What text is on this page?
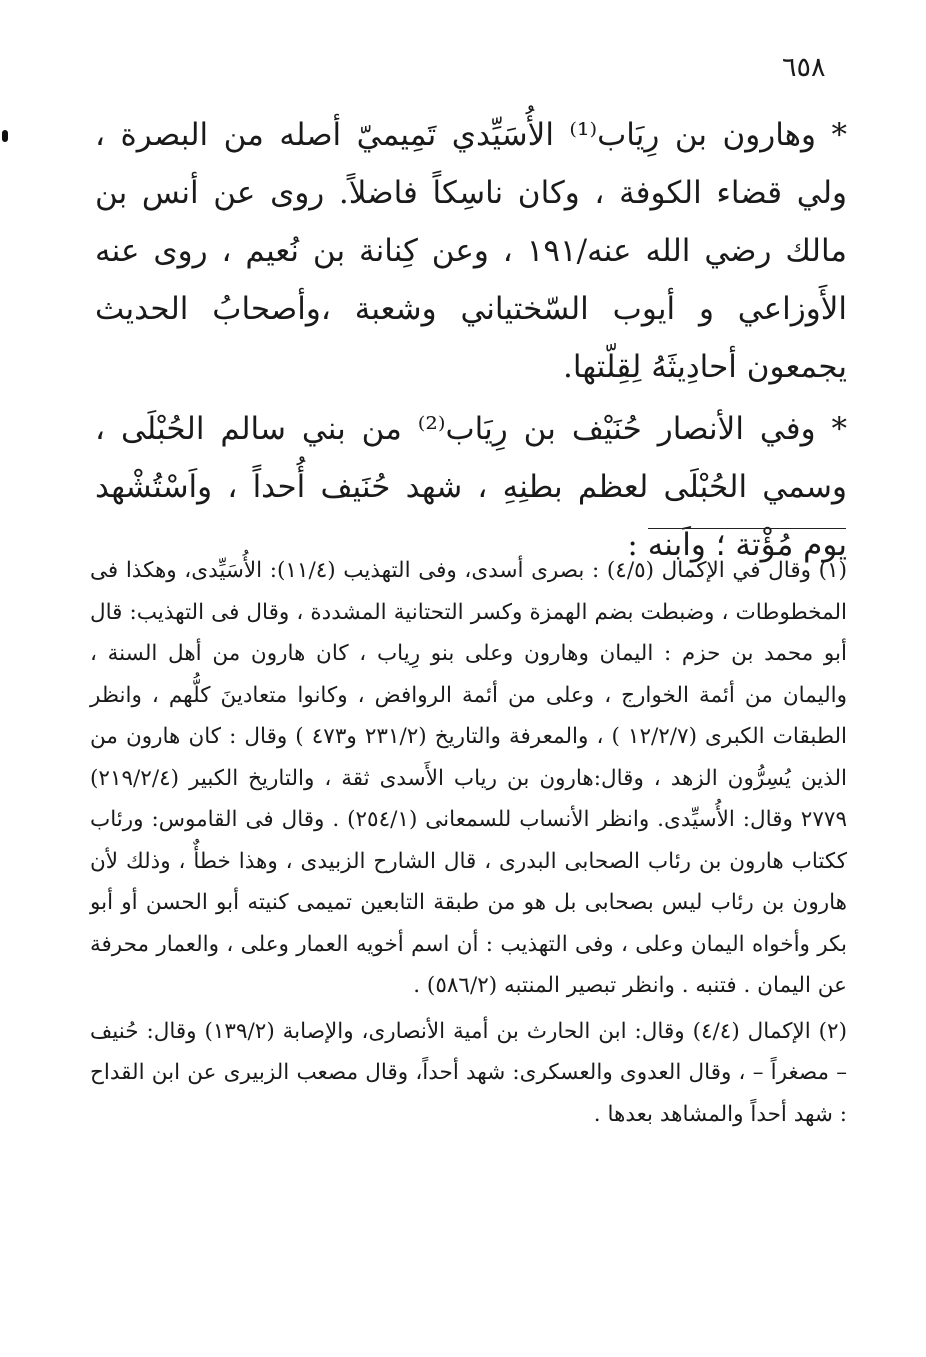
٦٥٨

* وهارون بن رِيَاب⁽¹⁾ الأُسَيِّدي تَمِيميّ أصله من البصرة ، ولي قضاء الكوفة ، وكان ناسِكاً فاضلاً. روى عن أنس بن مالك رضي الله عنه/١٩١ ، وعن كِنانة بن نُعيم ، روى عنه الأَوزاعي و أيوب السّختياني وشعبة ،وأصحابُ الحديث يجمعون أحادِيثَهُ لِقِلّتها.

* وفي الأنصار حُنَيْف بن رِيَاب⁽²⁾ من بني سالم الحُبْلَى ، وسمي الحُبْلَى لعظم بطنِهِ ، شهد حُنَيف أُحداً ، واَسْتُشْهد يوم مُؤْتة ؛ واَبنه :

(١) وقال في الإكمال (٤/٥) : بصرى أسدى، وفى التهذيب (١١/٤): الأُسَيِّدى، وهكذا فى المخطوطات ، وضبطت بضم الهمزة وكسر التحتانية المشددة ، وقال فى التهذيب: قال أبو محمد بن حزم : اليمان وهارون وعلى بنو رِياب ، كان هارون من أهل السنة ، واليمان من أئمة الخوارج ، وعلى من أئمة الروافض ، وكانوا متعادينَ كلُّهم ، وانظر الطبقات الكبرى (١٢/٢/٧ ) ، والمعرفة والتاريخ (٢٣١/٢ و٤٧٣ ) وقال : كان هارون من الذين يُسِرُّون الزهد ، وقال:هارون بن رياب الأَسدى ثقة ، والتاريخ الكبير (٢١٩/٢/٤) ٢٧٧٩ وقال: الأُسيِّدى. وانظر الأنساب للسمعانى (٢٥٤/١) . وقال فى القاموس: ورئاب ككتاب هارون بن رئاب الصحابى البدرى ، قال الشارح الزبيدى ، وهذا خطأٌ ، وذلك لأن هارون بن رئاب ليس بصحابى بل هو من طبقة التابعين تميمى كنيته أبو الحسن أو أبو بكر وأخواه اليمان وعلى ، وفى التهذيب : أن اسم أخويه العمار وعلى ، والعمار محرفة عن اليمان . فتنبه . وانظر تبصير المنتبه (٥٨٦/٢) .

(٢) الإكمال (٤/٤) وقال: ابن الحارث بن أمية الأنصارى، والإصابة (١٣٩/٢) وقال: حُنيف – مصغراً – ، وقال العدوى والعسكرى: شهد أحداً، وقال مصعب الزبيرى عن ابن القداح : شهد أحداً والمشاهد بعدها .
